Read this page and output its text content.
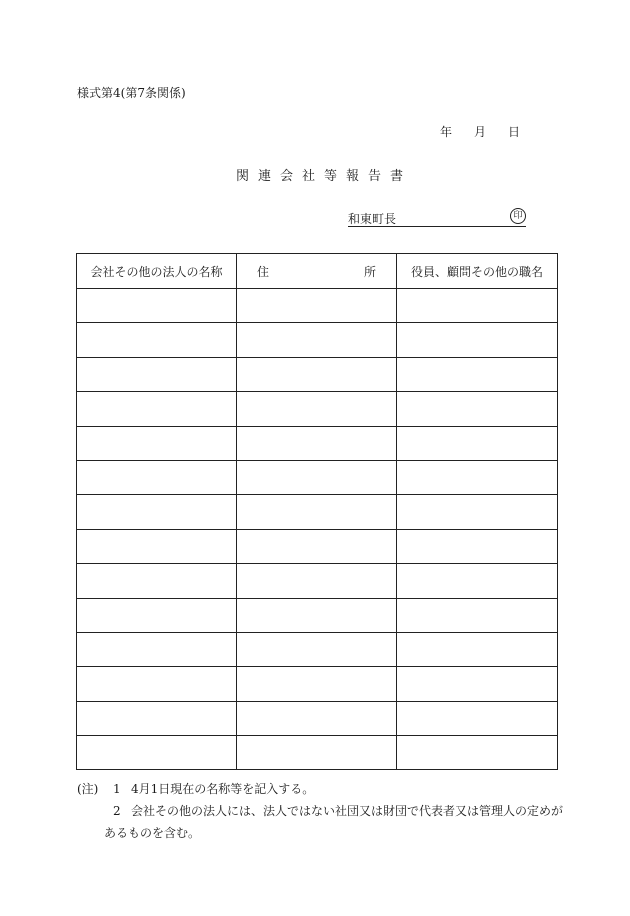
様式第4(第7条関係)
年 月 日
関連会社等報告書
和東町長	印
会社その他の法人の名称	住 所	役員、顧問その他の職名

(注)	1 4月1日現在の名称等を記入する。
2 会社その他の法人には、法人ではない社団又は財団で代表者又は管理人の定めが
あるものを含む。
